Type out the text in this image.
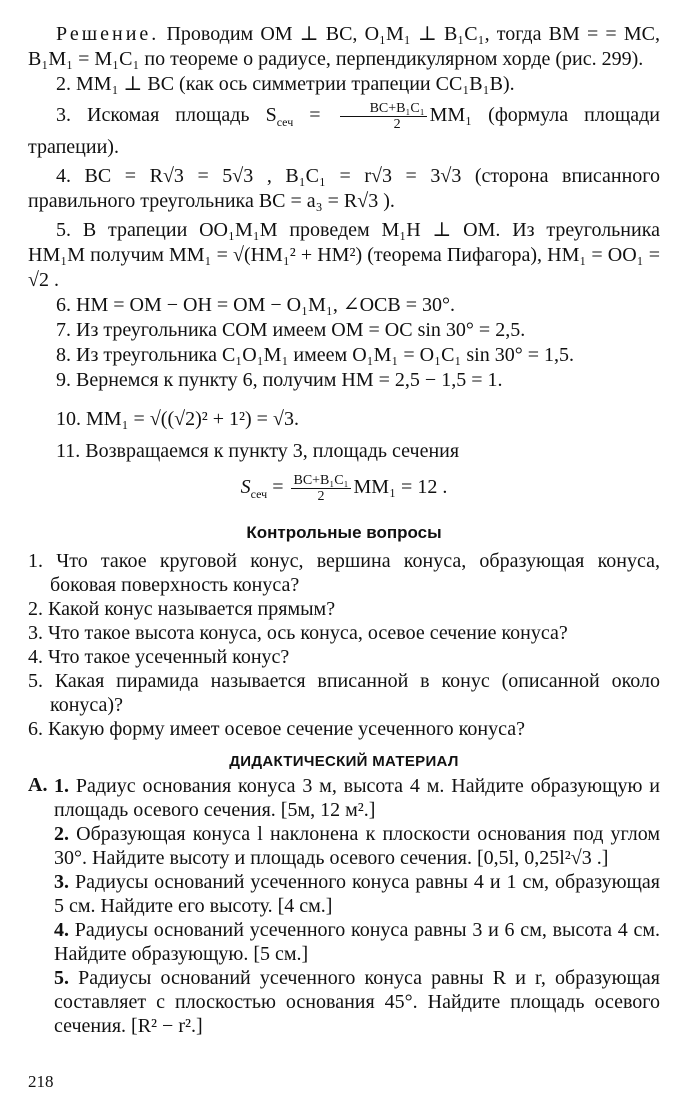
Решение. Проводим OM ⊥ BC, O₁M₁ ⊥ B₁C₁, тогда BM = = MC, B₁M₁ = M₁C₁ по теореме о радиусе, перпендикулярном хорде (рис. 299).

2. MM₁ ⊥ BC (как ось симметрии трапеции CC₁B₁B).

3. Искомая площадь $S_{сеч} = \frac{\text{BC+B₁C₁}}{2} MM_1$ (формула площади трапеции).

4. BC = R√3 = 5√3 , B₁C₁ = r√3 = 3√3 (сторона вписанного правильного треугольника BC = a₃ = R√3 ).

5. В трапеции OO₁M₁M проведем M₁H ⊥ OM. Из треугольника HM₁M получим MM₁ = √(HM₁² + HM²) (теорема Пифагора), HM₁ = OO₁ = √2 .

6. HM = OM − OH = OM − O₁M₁, ∠OCB = 30°.

7. Из треугольника COM имеем OM = OC sin 30° = 2,5.

8. Из треугольника C₁O₁M₁ имеем O₁M₁ = O₁C₁ sin 30° = 1,5.

9. Вернемся к пункту 6, получим HM = 2,5 − 1,5 = 1.

10. MM₁ = √((√2)² + 1²) = √3.

11. Возвращаемся к пункту 3, площадь сечения

$S_{сеч} = \frac{\text{BC+B₁C₁}}{2} MM_1 = 12$ .

Контрольные вопросы

1. Что такое круговой конус, вершина конуса, образующая конуса, боковая поверхность конуса?

2. Какой конус называется прямым?

3. Что такое высота конуса, ось конуса, осевое сечение конуса?

4. Что такое усеченный конус?

5. Какая пирамида называется вписанной в конус (описанной около конуса)?

6. Какую форму имеет осевое сечение усеченного конуса?

ДИДАКТИЧЕСКИЙ МАТЕРИАЛ
А. 1. Радиус основания конуса 3 м, высота 4 м. Найдите образующую и площадь осевого сечения. [5м, 12 м².]

2. Образующая конуса l наклонена к плоскости основания под углом 30°. Найдите высоту и площадь осевого сечения. [0,5l, 0,25l²√3 .]

3. Радиусы оснований усеченного конуса равны 4 и 1 см, образующая 5 см. Найдите его высоту. [4 см.]

4. Радиусы оснований усеченного конуса равны 3 и 6 см, высота 4 см. Найдите образующую. [5 см.]

5. Радиусы оснований усеченного конуса равны R и r, образующая составляет с плоскостью основания 45°. Найдите площадь осевого сечения. [R² − r².]

218
